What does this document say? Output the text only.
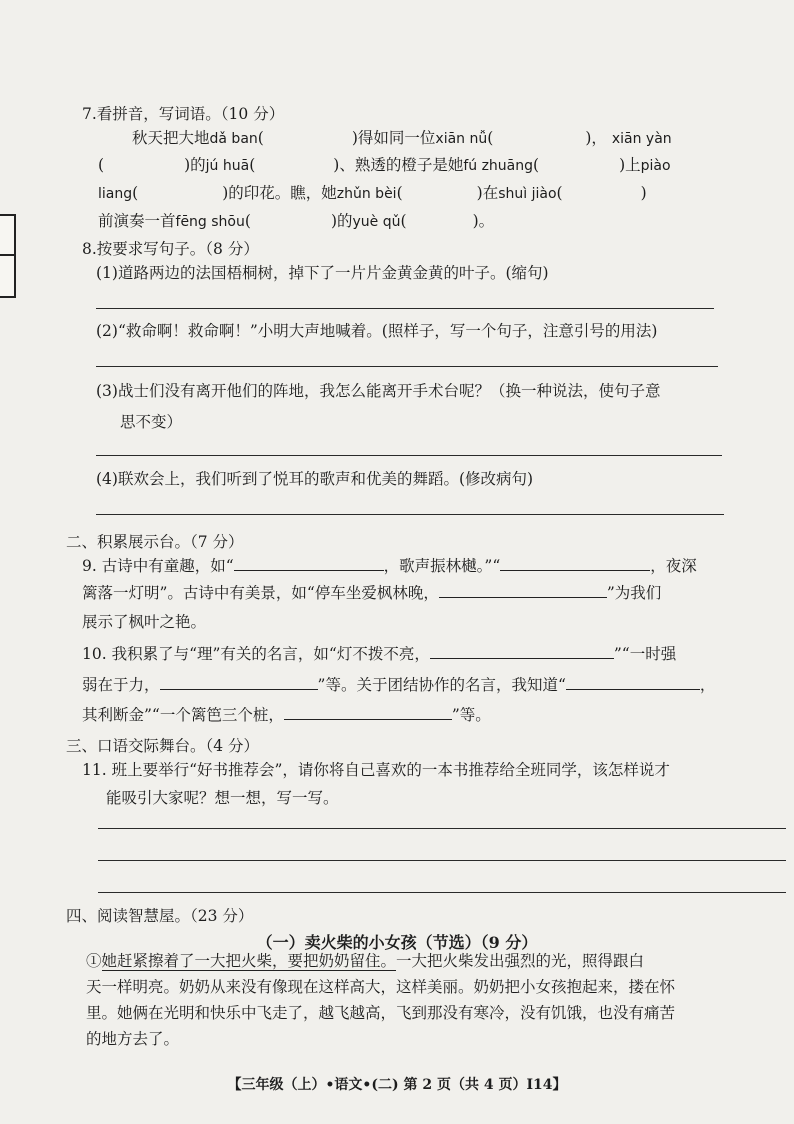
7.看拼音，写词语。（10 分）
秋天把大地dǎ ban(	)得如同一位xiān nǚ(	)， xiān yàn
(	)的jú huā(	)、熟透的橙子是她fú zhuāng(	)上piào
liang(	)的印花。瞧，她zhǔn bèi(	)在shuì jiào(	)
前演奏一首fēng shōu(	)的yuè qǔ(	)。
8.按要求写句子。（8 分）
(1)道路两边的法国梧桐树，掉下了一片片金黄金黄的叶子。(缩句)
(2)“救命啊！救命啊！”小明大声地喊着。(照样子，写一个句子，注意引号的用法)
(3)战士们没有离开他们的阵地，我怎么能离开手术台呢？（换一种说法，使句子意
思不变）
(4)联欢会上，我们听到了悦耳的歌声和优美的舞蹈。(修改病句)
二、积累展示台。（7 分）
9. 古诗中有童趣，如“	，歌声振林樾。”“	，夜深
篱落一灯明”。古诗中有美景，如“停车坐爱枫林晚，	”为我们
展示了枫叶之艳。
10. 我积累了与“理”有关的名言，如“灯不拨不亮，	”“一时强
弱在于力，	”等。关于团结协作的名言，我知道“	，
其利断金”“一个篱笆三个桩，	”等。
三、口语交际舞台。（4 分）
11. 班上要举行“好书推荐会”，请你将自己喜欢的一本书推荐给全班同学，该怎样说才
能吸引大家呢？想一想，写一写。
四、阅读智慧屋。（23 分）
（一）卖火柴的小女孩（节选）（9 分）
①她赶紧擦着了一大把火柴，要把奶奶留住。一大把火柴发出强烈的光，照得跟白
天一样明亮。奶奶从来没有像现在这样高大，这样美丽。奶奶把小女孩抱起来，搂在怀
里。她俩在光明和快乐中飞走了，越飞越高，飞到那没有寒冷，没有饥饿，也没有痛苦
的地方去了。
【三年级（上）•语文•(二) 第 2 页（共 4 页）I14】
